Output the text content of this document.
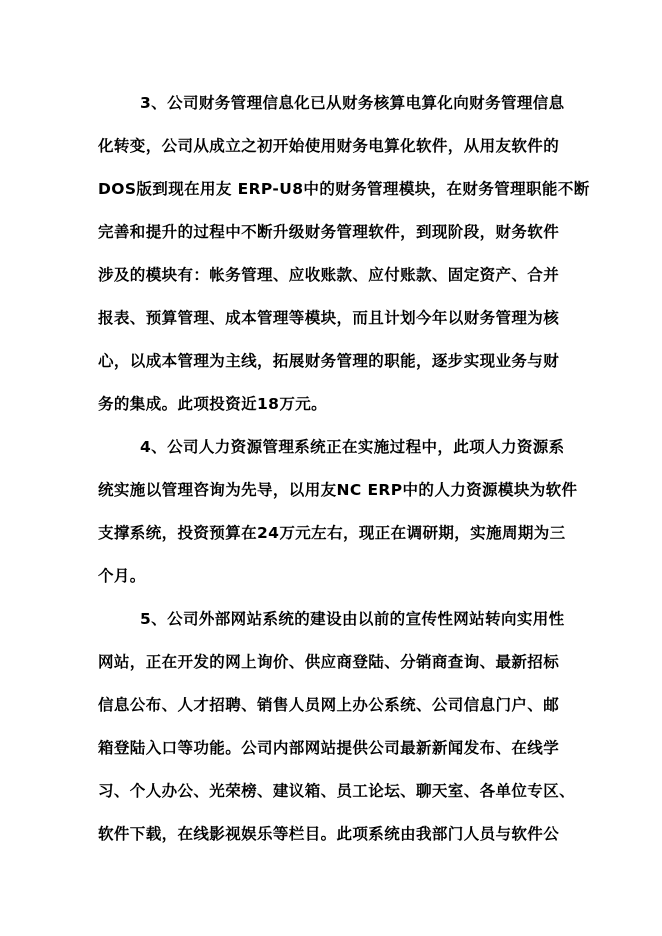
3、公司财务管理信息化已从财务核算电算化向财务管理信息
化转变，公司从成立之初开始使用财务电算化软件，从用友软件的
DOS版到现在用友 ERP-U8中的财务管理模块，在财务管理职能不断
完善和提升的过程中不断升级财务管理软件，到现阶段，财务软件
涉及的模块有：帐务管理、应收账款、应付账款、固定资产、合并
报表、预算管理、成本管理等模块，而且计划今年以财务管理为核
心，以成本管理为主线，拓展财务管理的职能，逐步实现业务与财
务的集成。此项投资近18万元。
4、公司人力资源管理系统正在实施过程中，此项人力资源系
统实施以管理咨询为先导，以用友NC ERP中的人力资源模块为软件
支撑系统，投资预算在24万元左右，现正在调研期，实施周期为三
个月。
5、公司外部网站系统的建设由以前的宣传性网站转向实用性
网站，正在开发的网上询价、供应商登陆、分销商查询、最新招标
信息公布、人才招聘、销售人员网上办公系统、公司信息门户、邮
箱登陆入口等功能。公司内部网站提供公司最新新闻发布、在线学
习、个人办公、光荣榜、建议箱、员工论坛、聊天室、各单位专区、
软件下载，在线影视娱乐等栏目。此项系统由我部门人员与软件公
